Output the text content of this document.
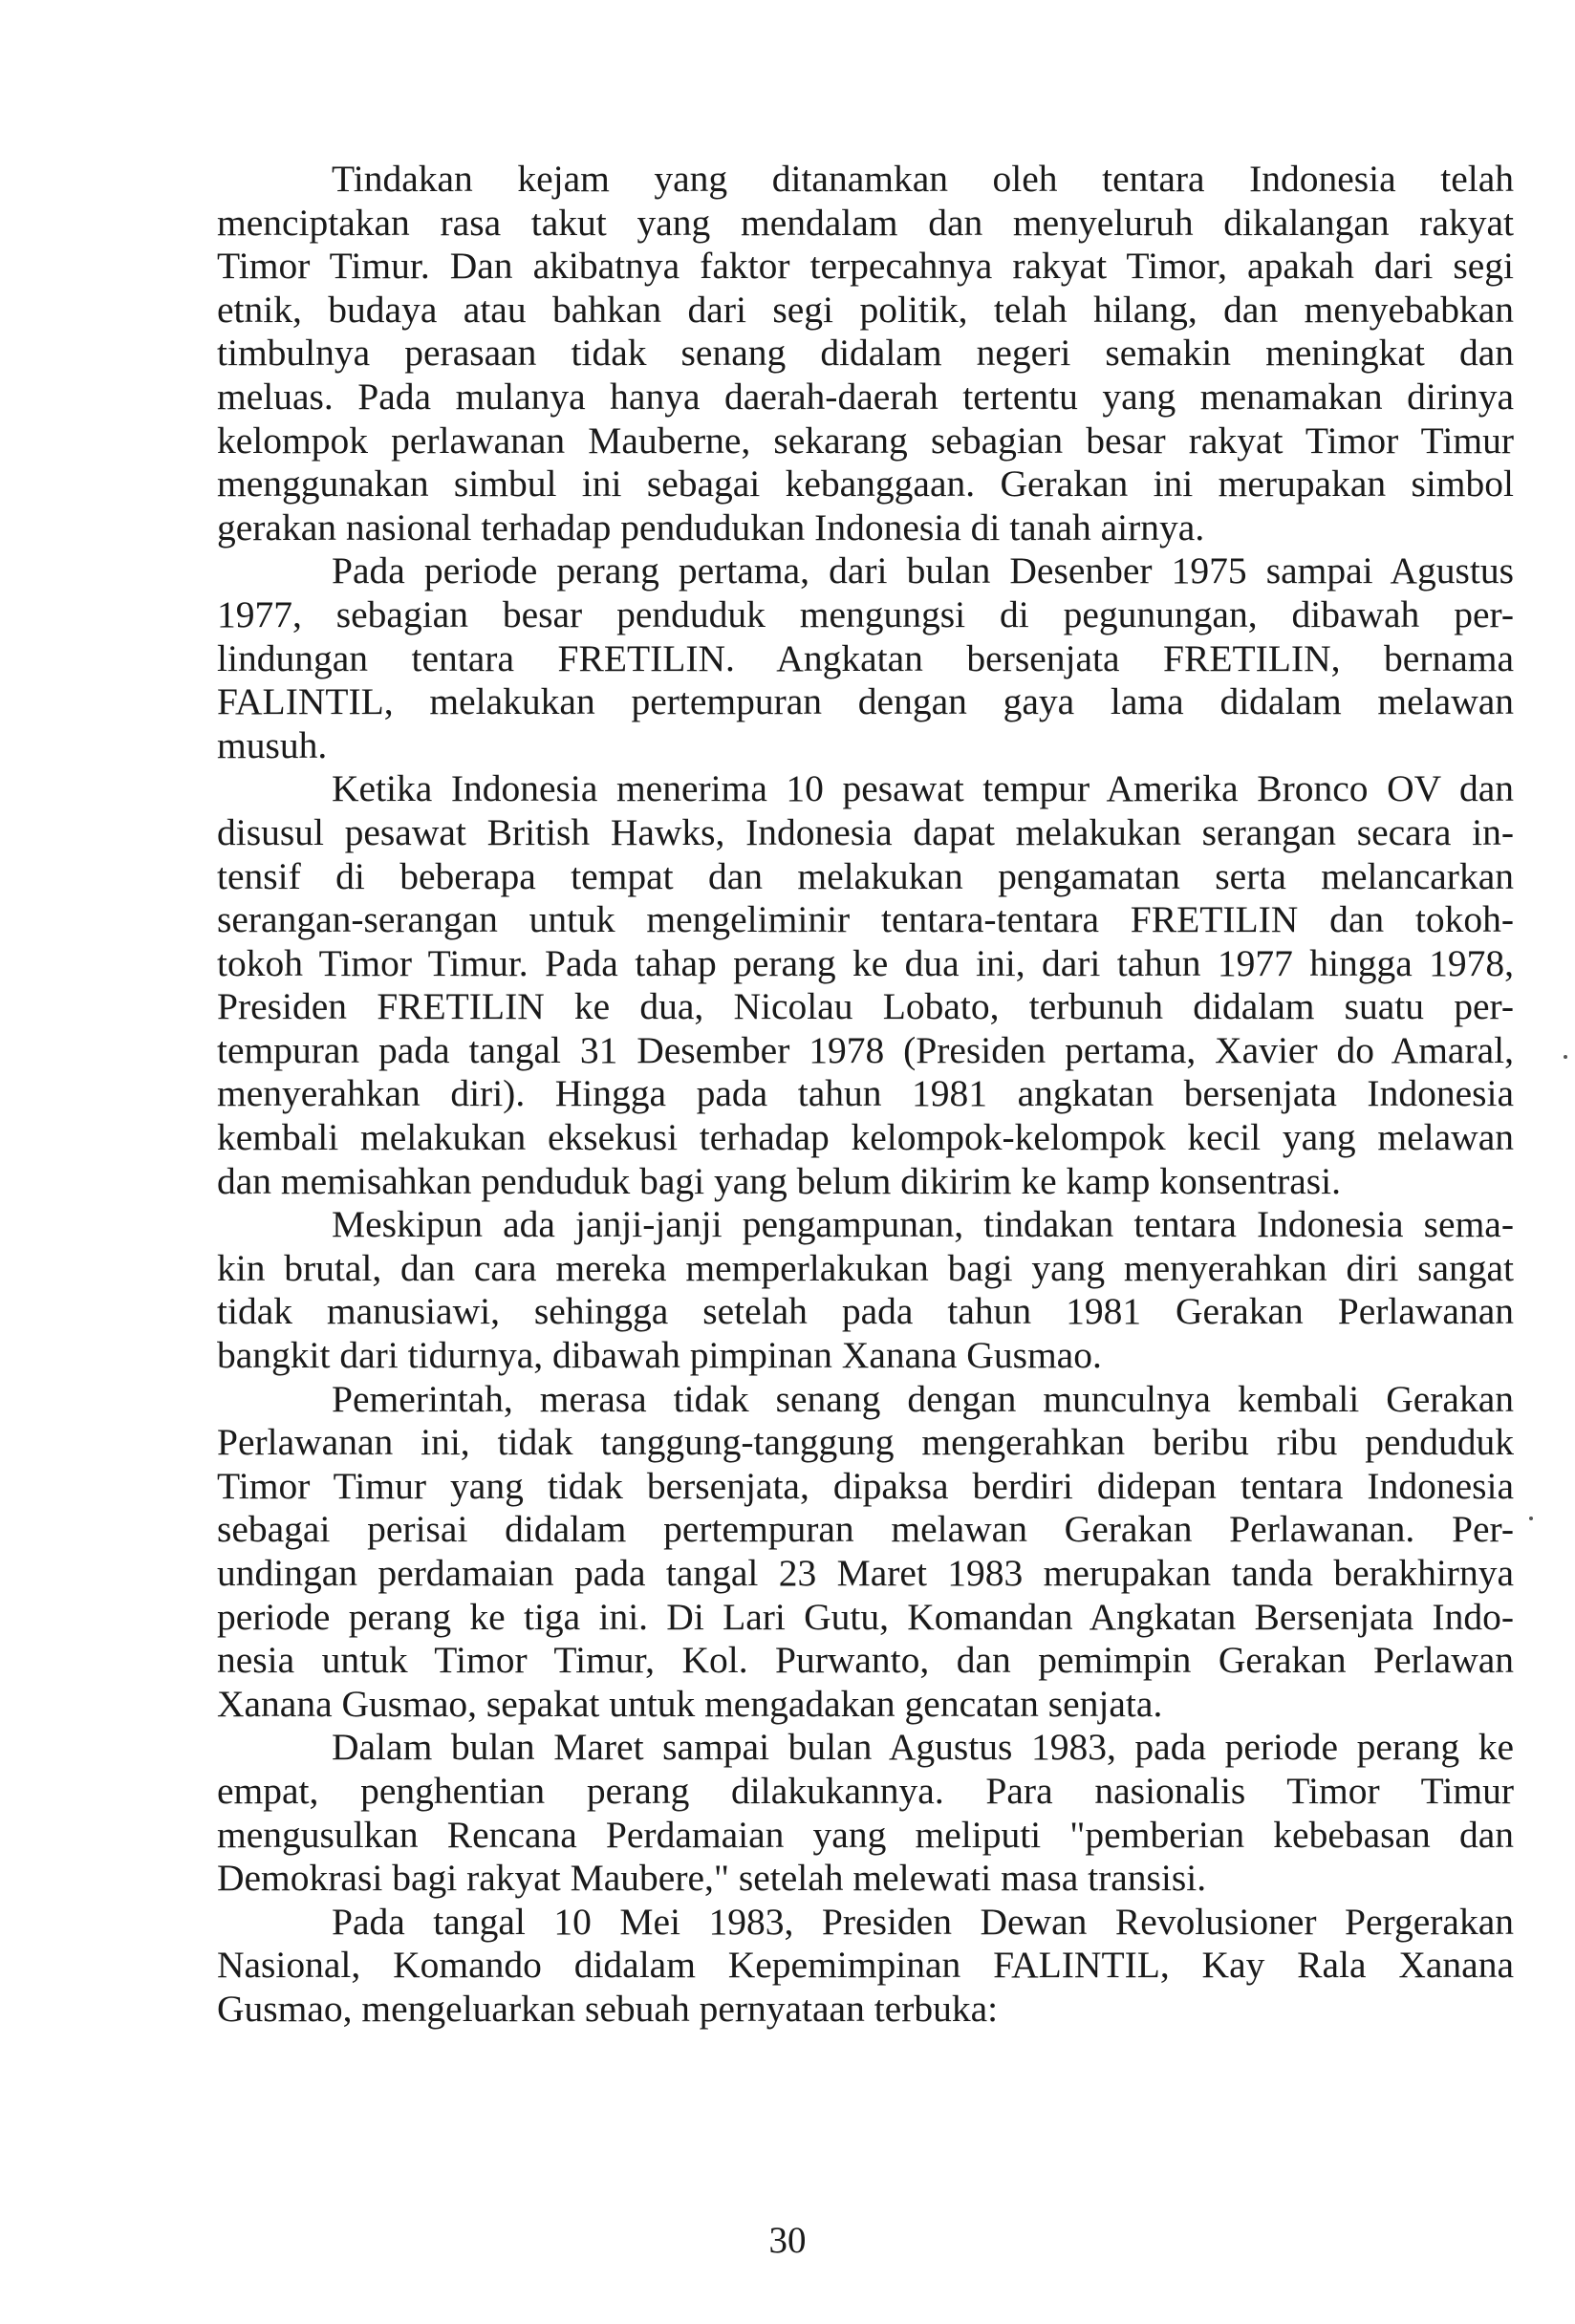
Tindakan kejam yang ditanamkan oleh tentara Indonesia telah
menciptakan rasa takut yang mendalam dan menyeluruh dikalangan rakyat
Timor Timur. Dan akibatnya faktor terpecahnya rakyat Timor, apakah dari segi
etnik, budaya atau bahkan dari segi politik, telah hilang, dan menyebabkan
timbulnya perasaan tidak senang didalam negeri semakin meningkat dan
meluas. Pada mulanya hanya daerah-daerah tertentu yang menamakan dirinya
kelompok perlawanan Mauberne, sekarang sebagian besar rakyat Timor Timur
menggunakan simbul ini sebagai kebanggaan. Gerakan ini merupakan simbol
gerakan nasional terhadap pendudukan Indonesia di tanah airnya.
Pada periode perang pertama, dari bulan Desenber 1975 sampai Agustus
1977, sebagian besar penduduk mengungsi di pegunungan, dibawah per-
lindungan tentara FRETILIN. Angkatan bersenjata FRETILIN, bernama
FALINTIL, melakukan pertempuran dengan gaya lama didalam melawan
musuh.
Ketika Indonesia menerima 10 pesawat tempur Amerika Bronco OV dan
disusul pesawat British Hawks, Indonesia dapat melakukan serangan secara in-
tensif di beberapa tempat dan melakukan pengamatan serta melancarkan
serangan-serangan untuk mengeliminir tentara-tentara FRETILIN dan tokoh-
tokoh Timor Timur. Pada tahap perang ke dua ini, dari tahun 1977 hingga 1978,
Presiden FRETILIN ke dua, Nicolau Lobato, terbunuh didalam suatu per-
tempuran pada tangal 31 Desember 1978 (Presiden pertama, Xavier do Amaral,
menyerahkan diri). Hingga pada tahun 1981 angkatan bersenjata Indonesia
kembali melakukan eksekusi terhadap kelompok-kelompok kecil yang melawan
dan memisahkan penduduk bagi yang belum dikirim ke kamp konsentrasi.
Meskipun ada janji-janji pengampunan, tindakan tentara Indonesia sema-
kin brutal, dan cara mereka memperlakukan bagi yang menyerahkan diri sangat
tidak manusiawi, sehingga setelah pada tahun 1981 Gerakan Perlawanan
bangkit dari tidurnya, dibawah pimpinan Xanana Gusmao.
Pemerintah, merasa tidak senang dengan munculnya kembali Gerakan
Perlawanan ini, tidak tanggung-tanggung mengerahkan beribu ribu penduduk
Timor Timur yang tidak bersenjata, dipaksa berdiri didepan tentara Indonesia
sebagai perisai didalam pertempuran melawan Gerakan Perlawanan. Per-
undingan perdamaian pada tangal 23 Maret 1983 merupakan tanda berakhirnya
periode perang ke tiga ini. Di Lari Gutu, Komandan Angkatan Bersenjata Indo-
nesia untuk Timor Timur, Kol. Purwanto, dan pemimpin Gerakan Perlawan
Xanana Gusmao, sepakat untuk mengadakan gencatan senjata.
Dalam bulan Maret sampai bulan Agustus 1983, pada periode perang ke
empat, penghentian perang dilakukannya. Para nasionalis Timor Timur
mengusulkan Rencana Perdamaian yang meliputi "pemberian kebebasan dan
Demokrasi bagi rakyat Maubere," setelah melewati masa transisi.
Pada tangal 10 Mei 1983, Presiden Dewan Revolusioner Pergerakan
Nasional, Komando didalam Kepemimpinan FALINTIL, Kay Rala Xanana
Gusmao, mengeluarkan sebuah pernyataan terbuka:
30
